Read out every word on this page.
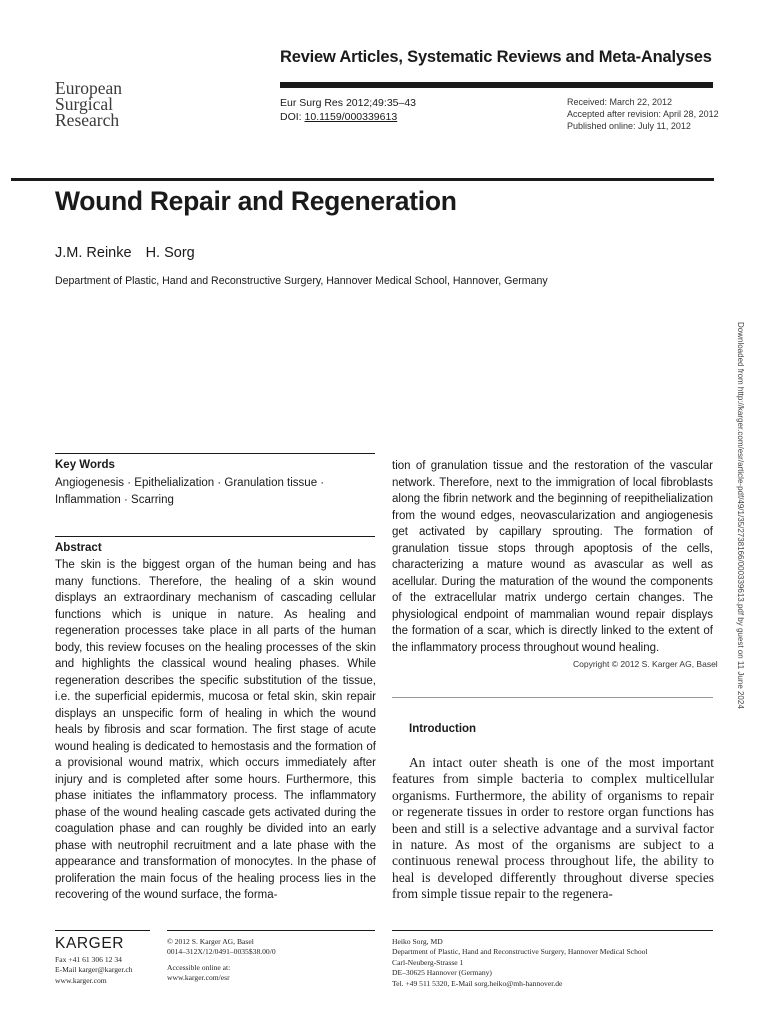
Review Articles, Systematic Reviews and Meta-Analyses
European
Surgical
Research
Eur Surg Res 2012;49:35–43
DOI: 10.1159/000339613
Received: March 22, 2012
Accepted after revision: April 28, 2012
Published online: July 11, 2012
Wound Repair and Regeneration
J.M. Reinke H. Sorg
Department of Plastic, Hand and Reconstructive Surgery, Hannover Medical School, Hannover, Germany
Downloaded from http://karger.com/esr/article-pdf/49/1/35/2738166/000339613.pdf by guest on 11 June 2024
Key Words
Angiogenesis · Epithelialization · Granulation tissue · Inflammation · Scarring
Abstract
The skin is the biggest organ of the human being and has many functions. Therefore, the healing of a skin wound displays an extraordinary mechanism of cascading cellular functions which is unique in nature. As healing and regeneration processes take place in all parts of the human body, this review focuses on the healing processes of the skin and highlights the classical wound healing phases. While regeneration describes the specific substitution of the tissue, i.e. the superficial epidermis, mucosa or fetal skin, skin repair displays an unspecific form of healing in which the wound heals by fibrosis and scar formation. The first stage of acute wound healing is dedicated to hemostasis and the formation of a provisional wound matrix, which occurs immediately after injury and is completed after some hours. Furthermore, this phase initiates the inflammatory process. The inflammatory phase of the wound healing cascade gets activated during the coagulation phase and can roughly be divided into an early phase with neutrophil recruitment and a late phase with the appearance and transformation of monocytes. In the phase of proliferation the main focus of the healing process lies in the recovering of the wound surface, the forma-
tion of granulation tissue and the restoration of the vascular network. Therefore, next to the immigration of local fibroblasts along the fibrin network and the beginning of reepithelialization from the wound edges, neovascularization and angiogenesis get activated by capillary sprouting. The formation of granulation tissue stops through apoptosis of the cells, characterizing a mature wound as avascular as well as acellular. During the maturation of the wound the components of the extracellular matrix undergo certain changes. The physiological endpoint of mammalian wound repair displays the formation of a scar, which is directly linked to the extent of the inflammatory process throughout wound healing.
Copyright © 2012 S. Karger AG, Basel
Introduction

An intact outer sheath is one of the most important features from simple bacteria to complex multicellular organisms. Furthermore, the ability of organisms to repair or regenerate tissues in order to restore organ functions has been and still is a selective advantage and a survival factor in nature. As most of the organisms are subject to a continuous renewal process throughout life, the ability to heal is developed differently throughout diverse species from simple tissue repair to the regenera-

KARGER
Fax +41 61 306 12 34
E-Mail karger@karger.ch
www.karger.com
© 2012 S. Karger AG, Basel
0014–312X/12/0491–0035$38.00/0
Accessible online at:
www.karger.com/esr
Heiko Sorg, MD
Department of Plastic, Hand and Reconstructive Surgery, Hannover Medical School
Carl-Neuberg-Strasse 1
DE–30625 Hannover (Germany)
Tel. +49 511 5320, E-Mail sorg.heiko@mh-hannover.de
